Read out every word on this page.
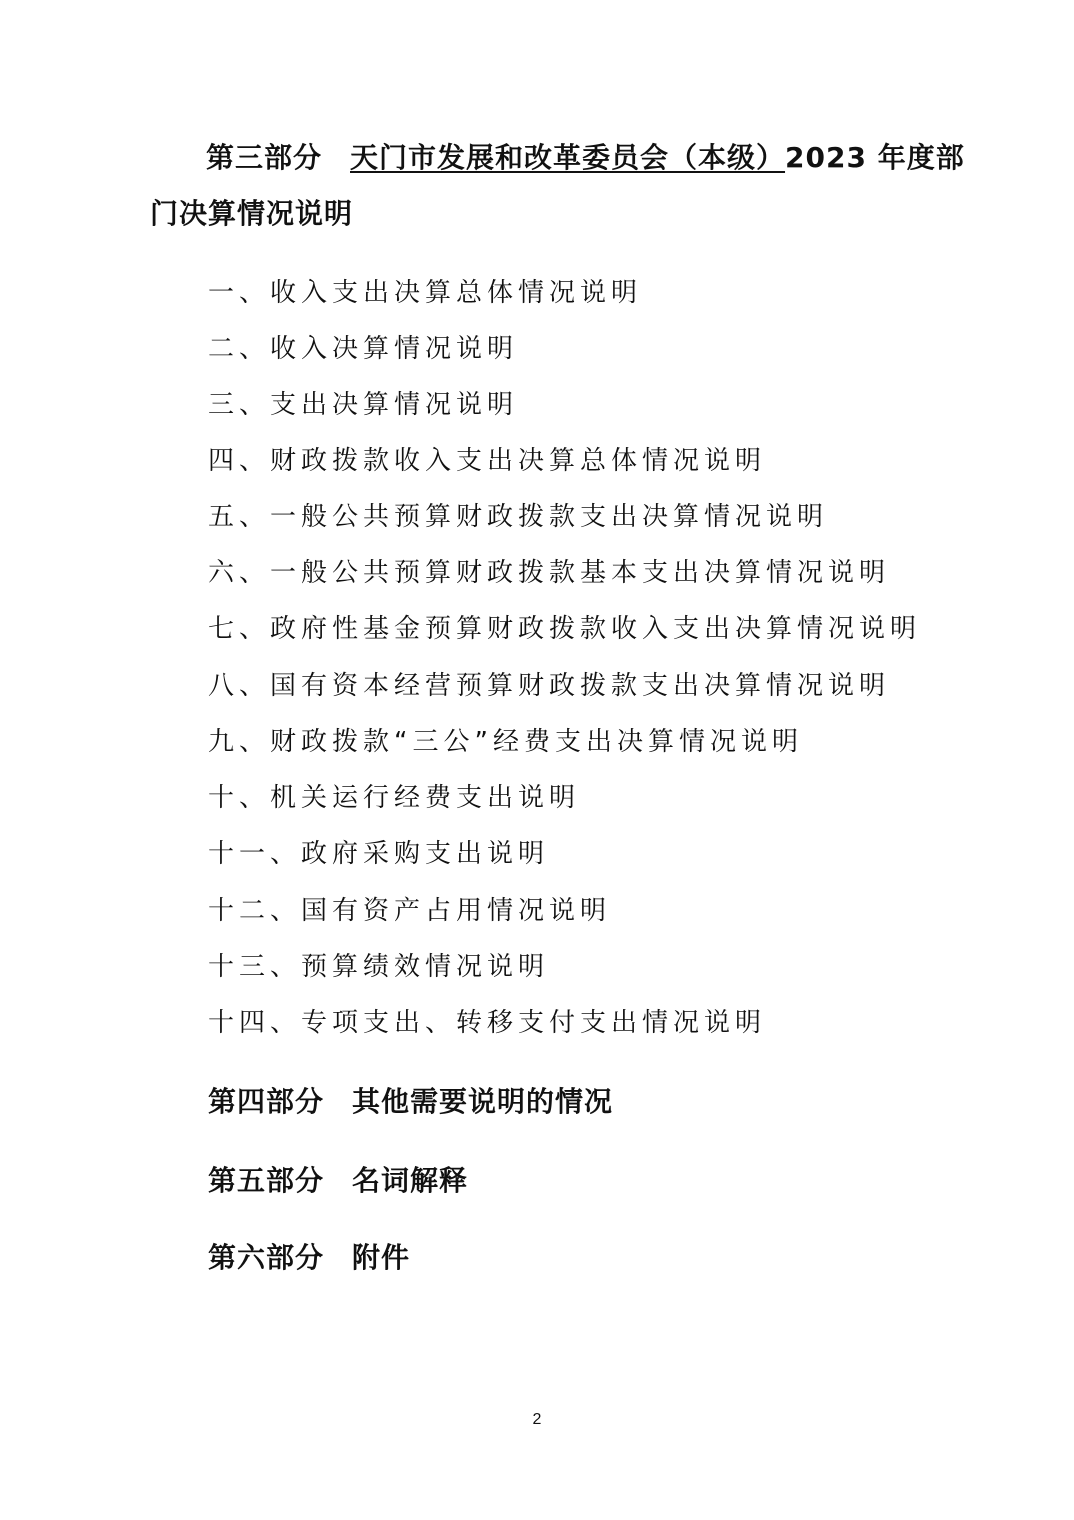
第三部分 天门市发展和改革委员会（本级）2023 年度部
门决算情况说明
一、收入支出决算总体情况说明
二、收入决算情况说明
三、支出决算情况说明
四、财政拨款收入支出决算总体情况说明
五、一般公共预算财政拨款支出决算情况说明
六、一般公共预算财政拨款基本支出决算情况说明
七、政府性基金预算财政拨款收入支出决算情况说明
八、国有资本经营预算财政拨款支出决算情况说明
九、财政拨款“三公”经费支出决算情况说明
十、机关运行经费支出说明
十一、政府采购支出说明
十二、国有资产占用情况说明
十三、预算绩效情况说明
十四、专项支出、转移支付支出情况说明
第四部分 其他需要说明的情况
第五部分 名词解释
第六部分 附件
2
